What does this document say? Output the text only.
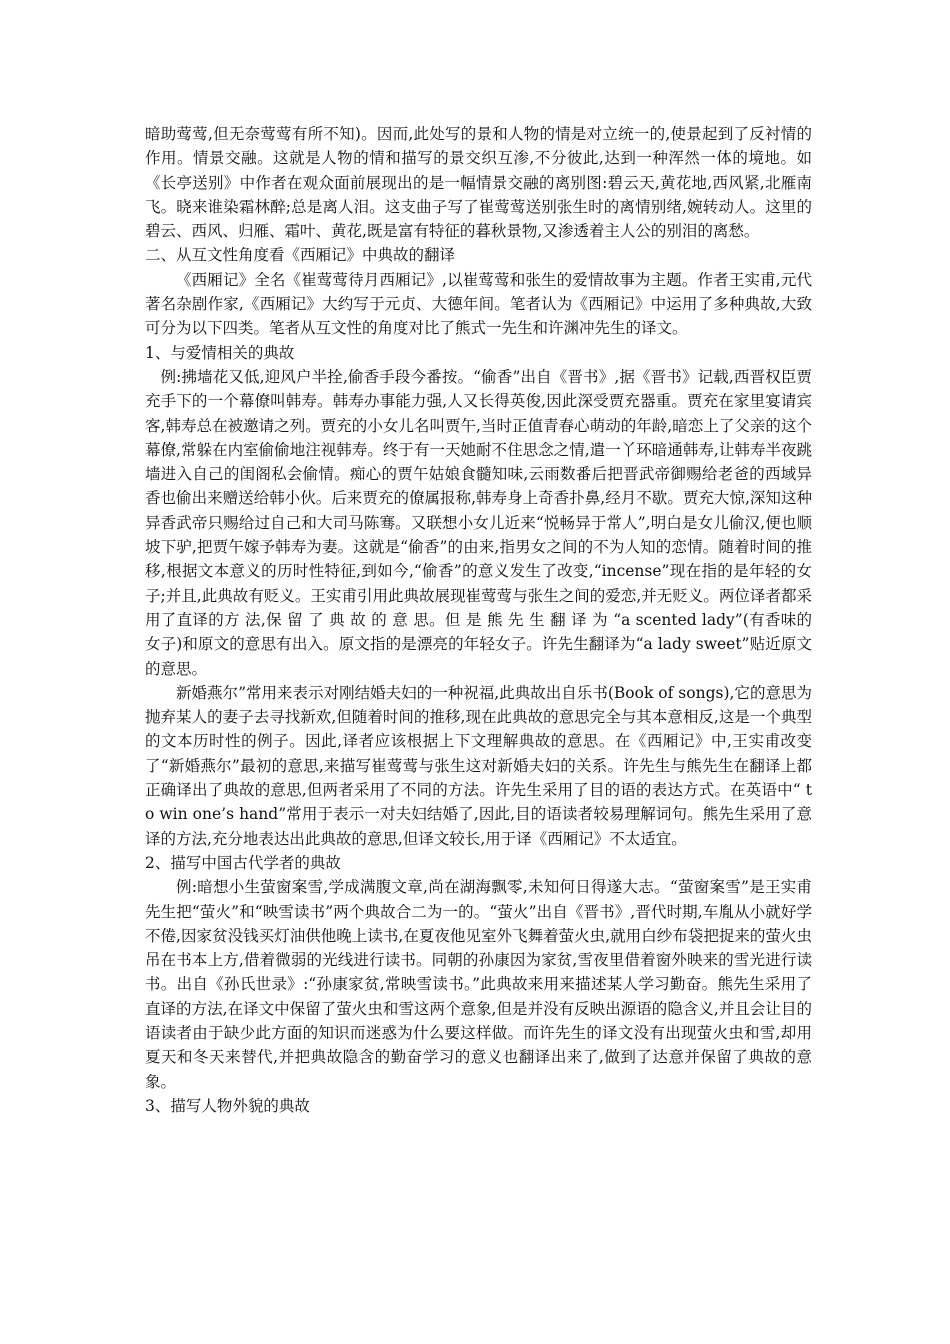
暗助莺莺,但无奈莺莺有所不知)。因而,此处写的景和人物的情是对立统一的,使景起到了反衬情的作用。情景交融。这就是人物的情和描写的景交织互渗,不分彼此,达到一种浑然一体的境地。如《长亭送别》中作者在观众面前展现出的是一幅情景交融的离别图:碧云天,黄花地,西风紧,北雁南飞。晓来谁染霜林醉;总是离人泪。这支曲子写了崔莺莺送别张生时的离情别绪,婉转动人。这里的碧云、西风、归雁、霜叶、黄花,既是富有特征的暮秋景物,又渗透着主人公的别泪的离愁。

二、从互文性角度看《西厢记》中典故的翻译

《西厢记》全名《崔莺莺待月西厢记》,以崔莺莺和张生的爱情故事为主题。作者王实甫,元代著名杂剧作家,《西厢记》大约写于元贞、大德年间。笔者认为《西厢记》中运用了多种典故,大致可分为以下四类。笔者从互文性的角度对比了熊式一先生和许渊冲先生的译文。

1、与爱情相关的典故

例:拂墙花又低,迎风户半拴,偷香手段今番按。“偷香”出自《晋书》,据《晋书》记载,西晋权臣贾充手下的一个幕僚叫韩寿。韩寿办事能力强,人又长得英俊,因此深受贾充器重。贾充在家里宴请宾客,韩寿总在被邀请之列。贾充的小女儿名叫贾午,当时正值青春心萌动的年龄,暗恋上了父亲的这个幕僚,常躲在内室偷偷地注视韩寿。终于有一天她耐不住思念之情,遣一丫环暗通韩寿,让韩寿半夜跳墙进入自己的闺阁私会偷情。痴心的贾午姑娘食髓知味,云雨数番后把晋武帝御赐给老爸的西域异香也偷出来赠送给韩小伙。后来贾充的僚属报称,韩寿身上奇香扑鼻,经月不歇。贾充大惊,深知这种异香武帝只赐给过自己和大司马陈骞。又联想小女儿近来“悦畅异于常人”,明白是女儿偷汉,便也顺坡下驴,把贾午嫁予韩寿为妻。这就是“偷香”的由来,指男女之间的不为人知的恋情。随着时间的推移,根据文本意义的历时性特征,到如今,“偷香”的意义发生了改变,“incense”现在指的是年轻的女子;并且,此典故有贬义。王实甫引用此典故展现崔莺莺与张生之间的爱恋,并无贬义。两位译者都采用了直译的方 法,保 留 了 典 故 的 意 思。但 是 熊 先 生 翻 译 为 “a scented lady”(有香味的女子)和原文的意思有出入。原文指的是漂亮的年轻女子。许先生翻译为“a lady sweet”贴近原文的意思。

新婚燕尔”常用来表示对刚结婚夫妇的一种祝福,此典故出自乐书(Book of songs),它的意思为抛弃某人的妻子去寻找新欢,但随着时间的推移,现在此典故的意思完全与其本意相反,这是一个典型的文本历时性的例子。因此,译者应该根据上下文理解典故的意思。在《西厢记》中,王实甫改变了“新婚燕尔”最初的意思,来描写崔莺莺与张生这对新婚夫妇的关系。许先生与熊先生在翻译上都正确译出了典故的意思,但两者采用了不同的方法。许先生采用了目的语的表达方式。在英语中“ to win one’s hand”常用于表示一对夫妇结婚了,因此,目的语读者较易理解词句。熊先生采用了意译的方法,充分地表达出此典故的意思,但译文较长,用于译《西厢记》不太适宜。

2、描写中国古代学者的典故

例:暗想小生萤窗案雪,学成满腹文章,尚在湖海飘零,未知何日得遂大志。“萤窗案雪”是王实甫先生把“萤火”和“映雪读书”两个典故合二为一的。“萤火”出自《晋书》,晋代时期,车胤从小就好学不倦,因家贫没钱买灯油供他晚上读书,在夏夜他见室外飞舞着萤火虫,就用白纱布袋把捉来的萤火虫吊在书本上方,借着微弱的光线进行读书。同朝的孙康因为家贫,雪夜里借着窗外映来的雪光进行读书。出自《孙氏世录》:“孙康家贫,常映雪读书。”此典故来用来描述某人学习勤奋。熊先生采用了直译的方法,在译文中保留了萤火虫和雪这两个意象,但是并没有反映出源语的隐含义,并且会让目的语读者由于缺少此方面的知识而迷惑为什么要这样做。而许先生的译文没有出现萤火虫和雪,却用夏天和冬天来替代,并把典故隐含的勤奋学习的意义也翻译出来了,做到了达意并保留了典故的意象。

3、描写人物外貌的典故
